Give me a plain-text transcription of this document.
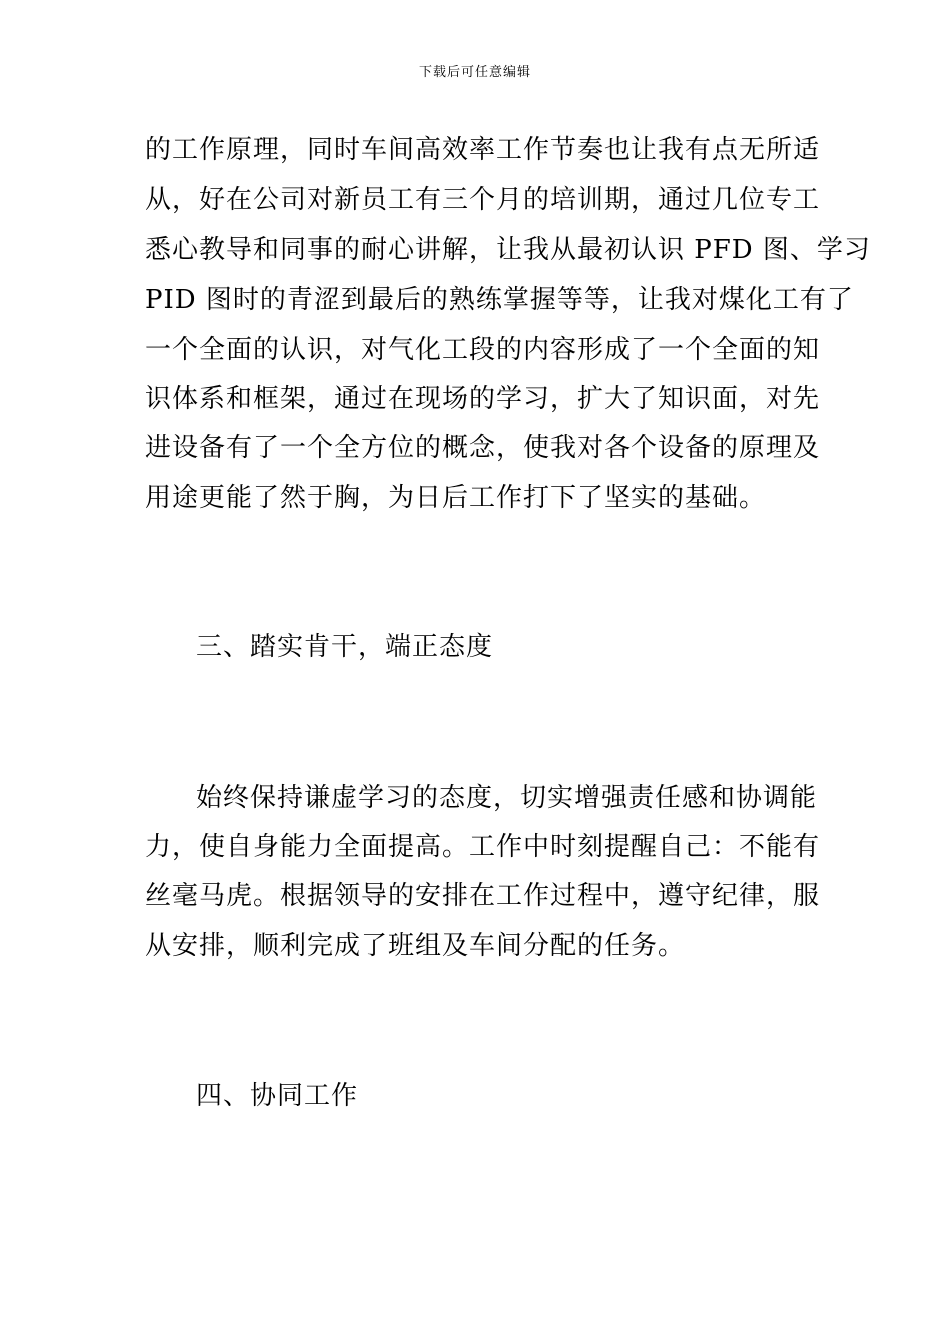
下载后可任意编辑
的工作原理，同时车间高效率工作节奏也让我有点无所适
从，好在公司对新员工有三个月的培训期，通过几位专工
悉心教导和同事的耐心讲解，让我从最初认识 PFD 图、学习
PID 图时的青涩到最后的熟练掌握等等，让我对煤化工有了
一个全面的认识，对气化工段的内容形成了一个全面的知
识体系和框架，通过在现场的学习，扩大了知识面，对先
进设备有了一个全方位的概念，使我对各个设备的原理及
用途更能了然于胸，为日后工作打下了坚实的基础。
三、踏实肯干，端正态度
始终保持谦虚学习的态度，切实增强责任感和协调能
力，使自身能力全面提高。工作中时刻提醒自己：不能有
丝毫马虎。根据领导的安排在工作过程中，遵守纪律，服
从安排，顺利完成了班组及车间分配的任务。
四、协同工作
